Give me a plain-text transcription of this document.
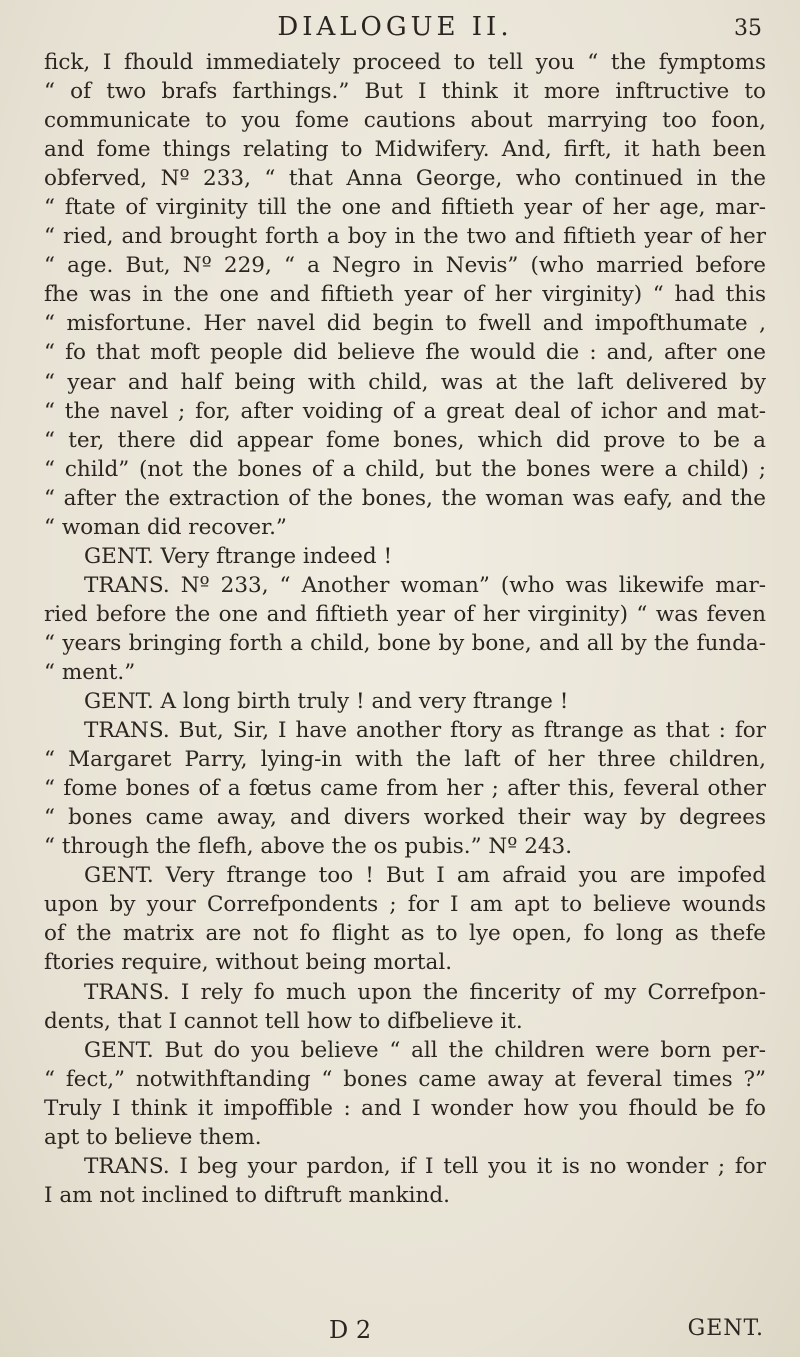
DIALOGUE II.	35
fick, I fhould immediately proceed to tell you “ the fymptoms
“ of two brafs farthings.” But I think it more inftructive to
communicate to you fome cautions about marrying too foon,
and fome things relating to Midwifery. And, firft, it hath been
obferved, Nº 233, “ that Anna George, who continued in the
“ ftate of virginity till the one and fiftieth year of her age, mar-
“ ried, and brought forth a boy in the two and fiftieth year of her
“ age. But, Nº 229, “ a Negro in Nevis” (who married before
fhe was in the one and fiftieth year of her virginity) “ had this
“ misfortune. Her navel did begin to fwell and impofthumate ,
“ fo that moft people did believe fhe would die : and, after one
“ year and half being with child, was at the laft delivered by
“ the navel ; for, after voiding of a great deal of ichor and mat-
“ ter, there did appear fome bones, which did prove to be a
“ child” (not the bones of a child, but the bones were a child) ;
“ after the extraction of the bones, the woman was eafy, and the
“ woman did recover.”
GENT. Very ftrange indeed !
TRANS. Nº 233, “ Another woman” (who was likewife mar-
ried before the one and fiftieth year of her virginity) “ was feven
“ years bringing forth a child, bone by bone, and all by the funda-
“ ment.”
GENT. A long birth truly ! and very ftrange !
TRANS. But, Sir, I have another ftory as ftrange as that : for
“ Margaret Parry, lying-in with the laft of her three children,
“ fome bones of a fœtus came from her ; after this, feveral other
“ bones came away, and divers worked their way by degrees
“ through the flefh, above the os pubis.” Nº 243.
GENT. Very ftrange too ! But I am afraid you are impofed
upon by your Correfpondents ; for I am apt to believe wounds
of the matrix are not fo flight as to lye open, fo long as thefe
ftories require, without being mortal.
TRANS. I rely fo much upon the fincerity of my Correfpon-
dents, that I cannot tell how to difbelieve it.
GENT. But do you believe “ all the children were born per-
“ fect,” notwithftanding “ bones came away at feveral times ?”
Truly I think it impoffible : and I wonder how you fhould be fo
apt to believe them.
TRANS. I beg your pardon, if I tell you it is no wonder ; for
I am not inclined to diftruft mankind.
D 2	GENT.
